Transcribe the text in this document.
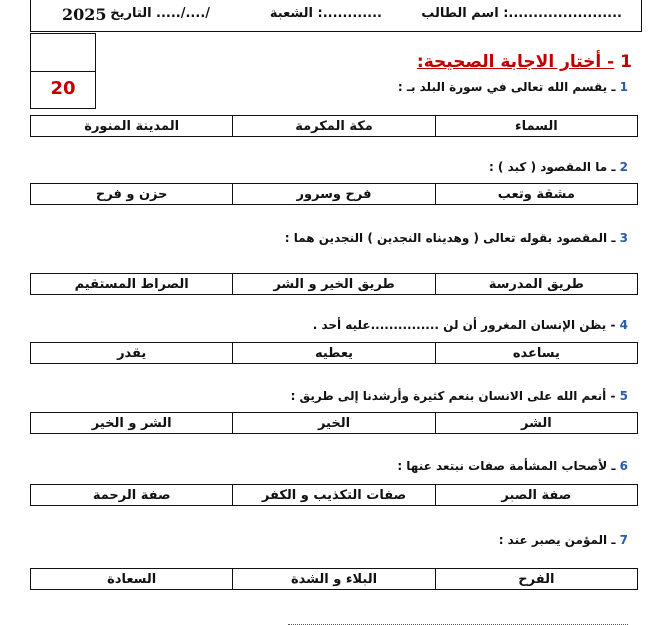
اسم الطالب :.......................
الشعبة :............
التاريخ ...../..../
2025
20
1 - أختار الاجابة الصحيحة:
1 ـ يقسم الله تعالى في سورة البلد بـ :
السماء
مكة المكرمة
المدينة المنورة
2 ـ ما المقصود ( كبد ) :
مشقة وتعب
فرح وسرور
حزن و فرح
3 ـ المقصود بقوله تعالى ( وهديناه النجدين ) النجدين هما :
طريق المدرسة
طريق الخير و الشر
الصراط المستقيم
4 - يظن الإنسان المغرور أن لن ...............عليه أحد .
يساعده
يعطيه
يقدر
5 - أنعم الله على الانسان بنعم كثيرة وأرشدنا إلى طريق :
الشر
الخير
الشر و الخير
6 ـ لأصحاب المشأمة صفات نبتعد عنها :
صفة الصبر
صفات التكذيب و الكفر
صفة الرحمة
7 ـ المؤمن يصبر عند :
الفرح
البلاء و الشدة
السعادة
